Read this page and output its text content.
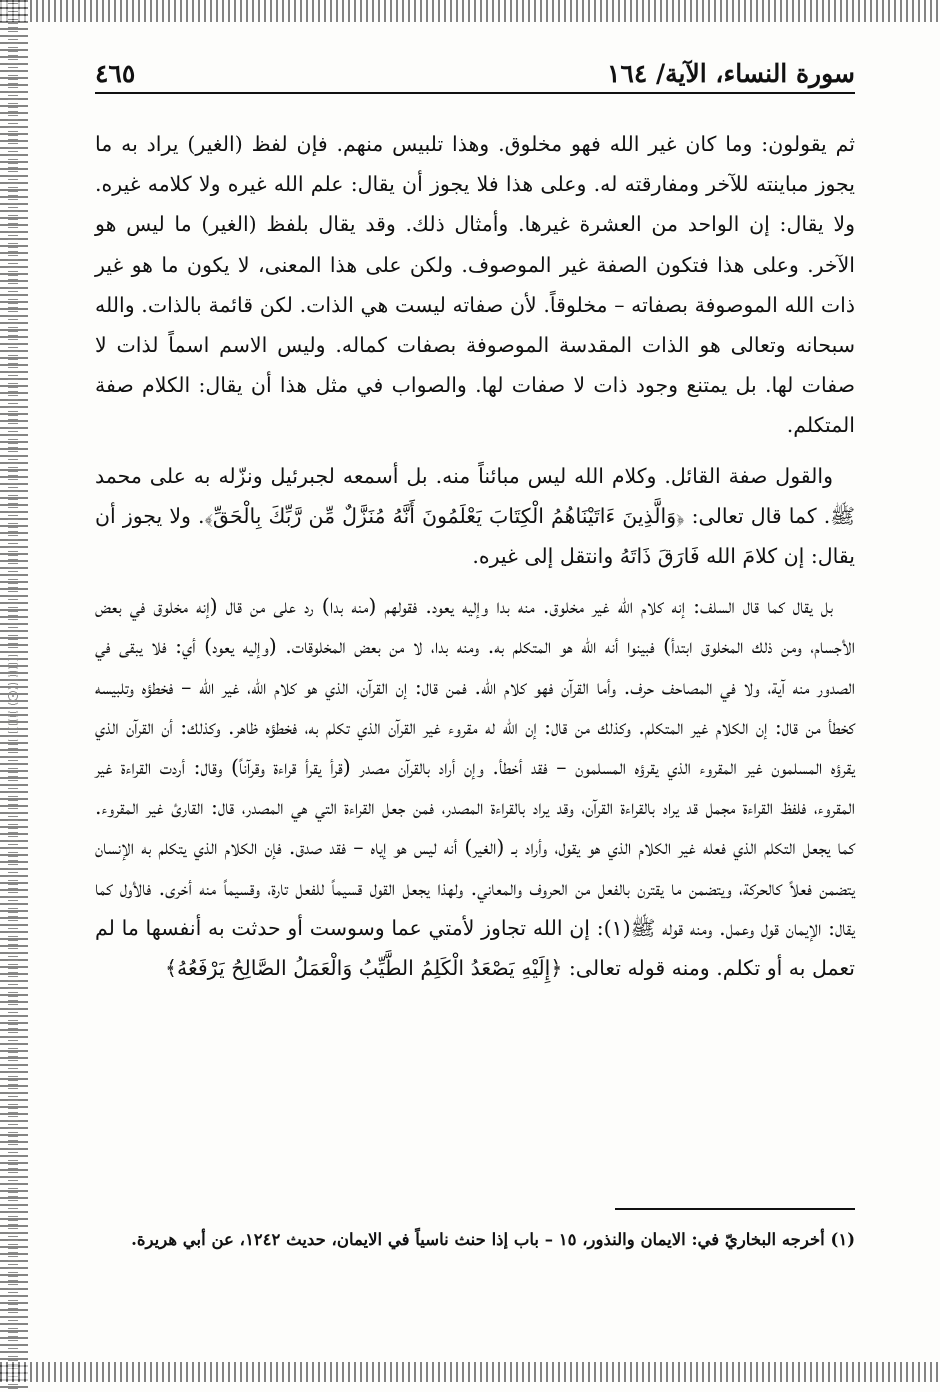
سورة النساء، الآية/ ١٦٤
٤٦٥

ثم يقولون: وما كان غير الله فهو مخلوق. وهذا تلبيس منهم. فإن لفظ (الغير) يراد به ما يجوز مباينته للآخر ومفارقته له. وعلى هذا فلا يجوز أن يقال: علم الله غيره ولا كلامه غيره. ولا يقال: إن الواحد من العشرة غيرها. وأمثال ذلك. وقد يقال بلفظ (الغير) ما ليس هو الآخر. وعلى هذا فتكون الصفة غير الموصوف. ولكن على هذا المعنى، لا يكون ما هو غير ذات الله الموصوفة بصفاته – مخلوقاً. لأن صفاته ليست هي الذات. لكن قائمة بالذات. والله سبحانه وتعالى هو الذات المقدسة الموصوفة بصفات كماله. وليس الاسم اسماً لذات لا صفات لها. بل يمتنع وجود ذات لا صفات لها. والصواب في مثل هذا أن يقال: الكلام صفة المتكلم.

والقول صفة القائل. وكلام الله ليس مبائناً منه. بل أسمعه لجبرئيل ونزّله به على محمد ﷺ. كما قال تعالى: ﴿وَالَّذِينَ ءَاتَيْنَاهُمُ الْكِتَابَ يَعْلَمُونَ أَنَّهُ مُنَزَّلٌ مِّن رَّبِّكَ بِالْحَقِّ﴾. ولا يجوز أن يقال: إن كلامَ الله فَارَقَ ذَاتَهُ وانتقل إلى غيره.

بل يقال كما قال السلف: إنه كلام الله غير مخلوق. منه بدا وإليه يعود. فقولهم (منه بدا) رد على من قال (إنه مخلوق في بعض الأجسام، ومن ذلك المخلوق ابتدأ) فبينوا أنه الله هو المتكلم به. ومنه بدا، لا من بعض المخلوقات. (وإليه يعود) أي: فلا يبقى في الصدور منه آية، ولا في المصاحف حرف. وأما القرآن فهو كلام الله. فمن قال: إن القرآن، الذي هو كلام الله، غير الله – فخطؤه وتلبيسه كخطأ من قال: إن الكلام غير المتكلم. وكذلك من قال: إن الله له مقروء غير القرآن الذي تكلم به، فخطؤه ظاهر. وكذلك: أن القرآن الذي يقرؤه المسلمون غير المقروء الذي يقرؤه المسلمون – فقد أخطأ. وإن أراد بالقرآن مصدر (قرأ يقرأ قراءة وقرآناً) وقال: أردت القراءة غير المقروء، فلفظ القراءة مجمل قد يراد بالقراءة القرآن، وقد يراد بالقراءة المصدر، فمن جعل القراءة التي هي المصدر، قال: القارئ غير المقروء. كما يجعل التكلم الذي فعله غير الكلام الذي هو يقول، وأراد بـ (الغير) أنه ليس هو إياه – فقد صدق. فإن الكلام الذي يتكلم به الإنسان يتضمن فعلاً كالحركة، ويتضمن ما يقترن بالفعل من الحروف والمعاني. ولهذا يجعل القول قسيماً للفعل تارة، وقسيماً منه أخرى. فالأول كما يقال: الإيمان قول وعمل. ومنه قوله ﷺ(١): إن الله تجاوز لأمتي عما وسوست أو حدثت به أنفسها ما لم تعمل به أو تكلم. ومنه قوله تعالى: ﴿إِلَيْهِ يَصْعَدُ الْكَلِمُ الطَّيِّبُ وَالْعَمَلُ الصَّالِحُ يَرْفَعُهُ﴾

(١) أخرجه البخاريّ في: الايمان والنذور، ١٥ – باب إذا حنث ناسياً في الايمان، حديث ١٢٤٢، عن أبي هريرة.
